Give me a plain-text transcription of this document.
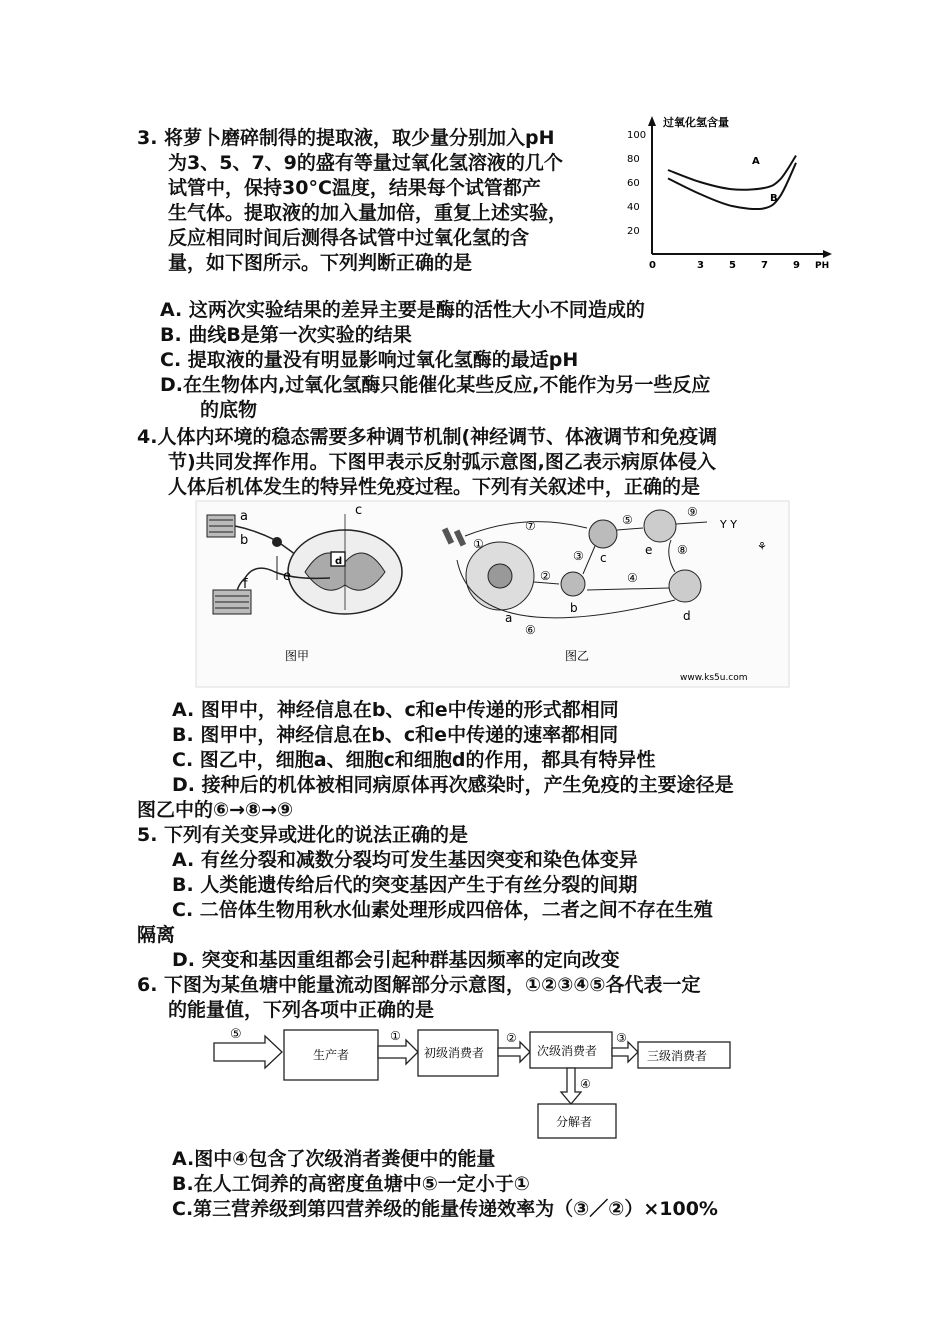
3. 将萝卜磨碎制得的提取液，取少量分别加入pH
为3、5、7、9的盛有等量过氧化氢溶液的几个
试管中，保持30°C温度，结果每个试管都产
生气体。提取液的加入量加倍，重复上述实验，
反应相同时间后测得各试管中过氧化氢的含
量，如下图所示。下列判断正确的是
过氧化氢含量
20
40
60
80
100
0	3	5	7	9 PH
A
B
A. 这两次实验结果的差异主要是酶的活性大小不同造成的
B. 曲线B是第一次实验的结果
C. 提取液的量没有明显影响过氧化氢酶的最适pH
D.在生物体内,过氧化氢酶只能催化某些反应,不能作为另一些反应
的底物
4.人体内环境的稳态需要多种调节机制(神经调节、体液调节和免疫调
节)共同发挥作用。下图甲表示反射弧示意图,图乙表示病原体侵入
人体后机体发生的特异性免疫过程。下列有关叙述中，正确的是
a
b
c
d
e
f
图甲
Y Y
⚘
a
b
c
e
d
①
②
③
④
⑤
⑥
⑦
⑧
⑨
图乙
www.ks5u.com
A. 图甲中，神经信息在b、c和e中传递的形式都相同
B. 图甲中，神经信息在b、c和e中传递的速率都相同
C. 图乙中，细胞a、细胞c和细胞d的作用，都具有特异性
D. 接种后的机体被相同病原体再次感染时，产生免疫的主要途径是
图乙中的⑥→⑧→⑨
5. 下列有关变异或进化的说法正确的是
A. 有丝分裂和减数分裂均可发生基因突变和染色体变异
B. 人类能遗传给后代的突变基因产生于有丝分裂的间期
C. 二倍体生物用秋水仙素处理形成四倍体，二者之间不存在生殖
隔离
D. 突变和基因重组都会引起种群基因频率的定向改变
6. 下图为某鱼塘中能量流动图解部分示意图，①②③④⑤各代表一定
的能量值，下列各项中正确的是
⑤
生产者
①
初级消费者
②
次级消费者
③
三级消费者
④
分解者
A.图中④包含了次级消者粪便中的能量
B.在人工饲养的高密度鱼塘中⑤一定小于①
C.第三营养级到第四营养级的能量传递效率为（③／②）×100%
